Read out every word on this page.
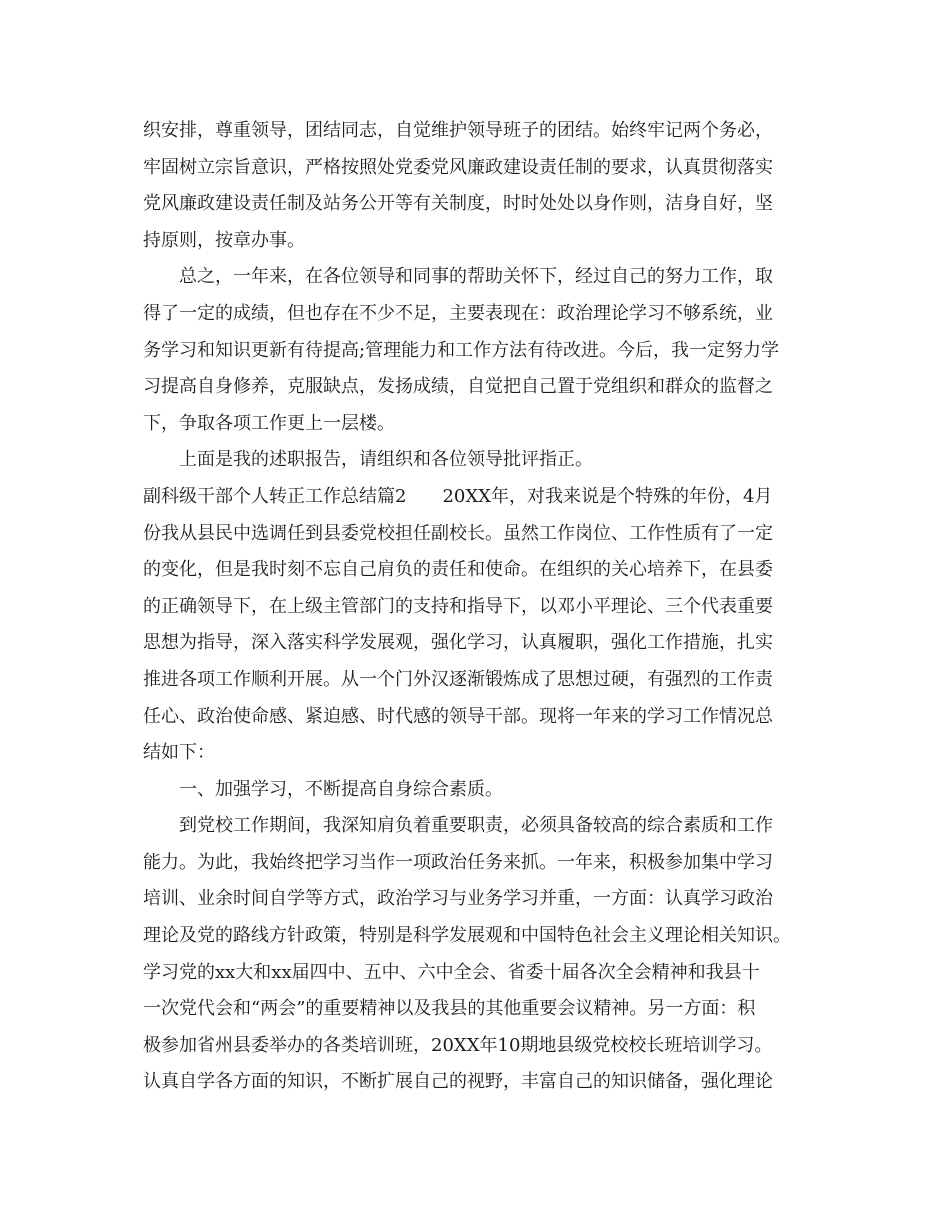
织安排，尊重领导，团结同志，自觉维护领导班子的团结。始终牢记两个务必，
牢固树立宗旨意识，严格按照处党委党风廉政建设责任制的要求，认真贯彻落实
党风廉政建设责任制及站务公开等有关制度，时时处处以身作则，洁身自好，坚
持原则，按章办事。
总之，一年来，在各位领导和同事的帮助关怀下，经过自己的努力工作，取
得了一定的成绩，但也存在不少不足，主要表现在：政治理论学习不够系统，业
务学习和知识更新有待提高;管理能力和工作方法有待改进。今后，我一定努力学
习提高自身修养，克服缺点，发扬成绩，自觉把自己置于党组织和群众的监督之
下，争取各项工作更上一层楼。
上面是我的述职报告，请组织和各位领导批评指正。
副科级干部个人转正工作总结篇2　　20XX年，对我来说是个特殊的年份，4月
份我从县民中选调任到县委党校担任副校长。虽然工作岗位、工作性质有了一定
的变化，但是我时刻不忘自己肩负的责任和使命。在组织的关心培养下，在县委
的正确领导下，在上级主管部门的支持和指导下，以邓小平理论、三个代表重要
思想为指导，深入落实科学发展观，强化学习，认真履职，强化工作措施，扎实
推进各项工作顺利开展。从一个门外汉逐渐锻炼成了思想过硬，有强烈的工作责
任心、政治使命感、紧迫感、时代感的领导干部。现将一年来的学习工作情况总
结如下：
一、加强学习，不断提高自身综合素质。
到党校工作期间，我深知肩负着重要职责，必须具备较高的综合素质和工作
能力。为此，我始终把学习当作一项政治任务来抓。一年来，积极参加集中学习
培训、业余时间自学等方式，政治学习与业务学习并重，一方面：认真学习政治
理论及党的路线方针政策，特别是科学发展观和中国特色社会主义理论相关知识。
学习党的xx大和xx届四中、五中、六中全会、省委十届各次全会精神和我县十
一次党代会和“两会”的重要精神以及我县的其他重要会议精神。另一方面：积
极参加省州县委举办的各类培训班，20XX年10期地县级党校校长班培训学习。
认真自学各方面的知识，不断扩展自己的视野，丰富自己的知识储备，强化理论
